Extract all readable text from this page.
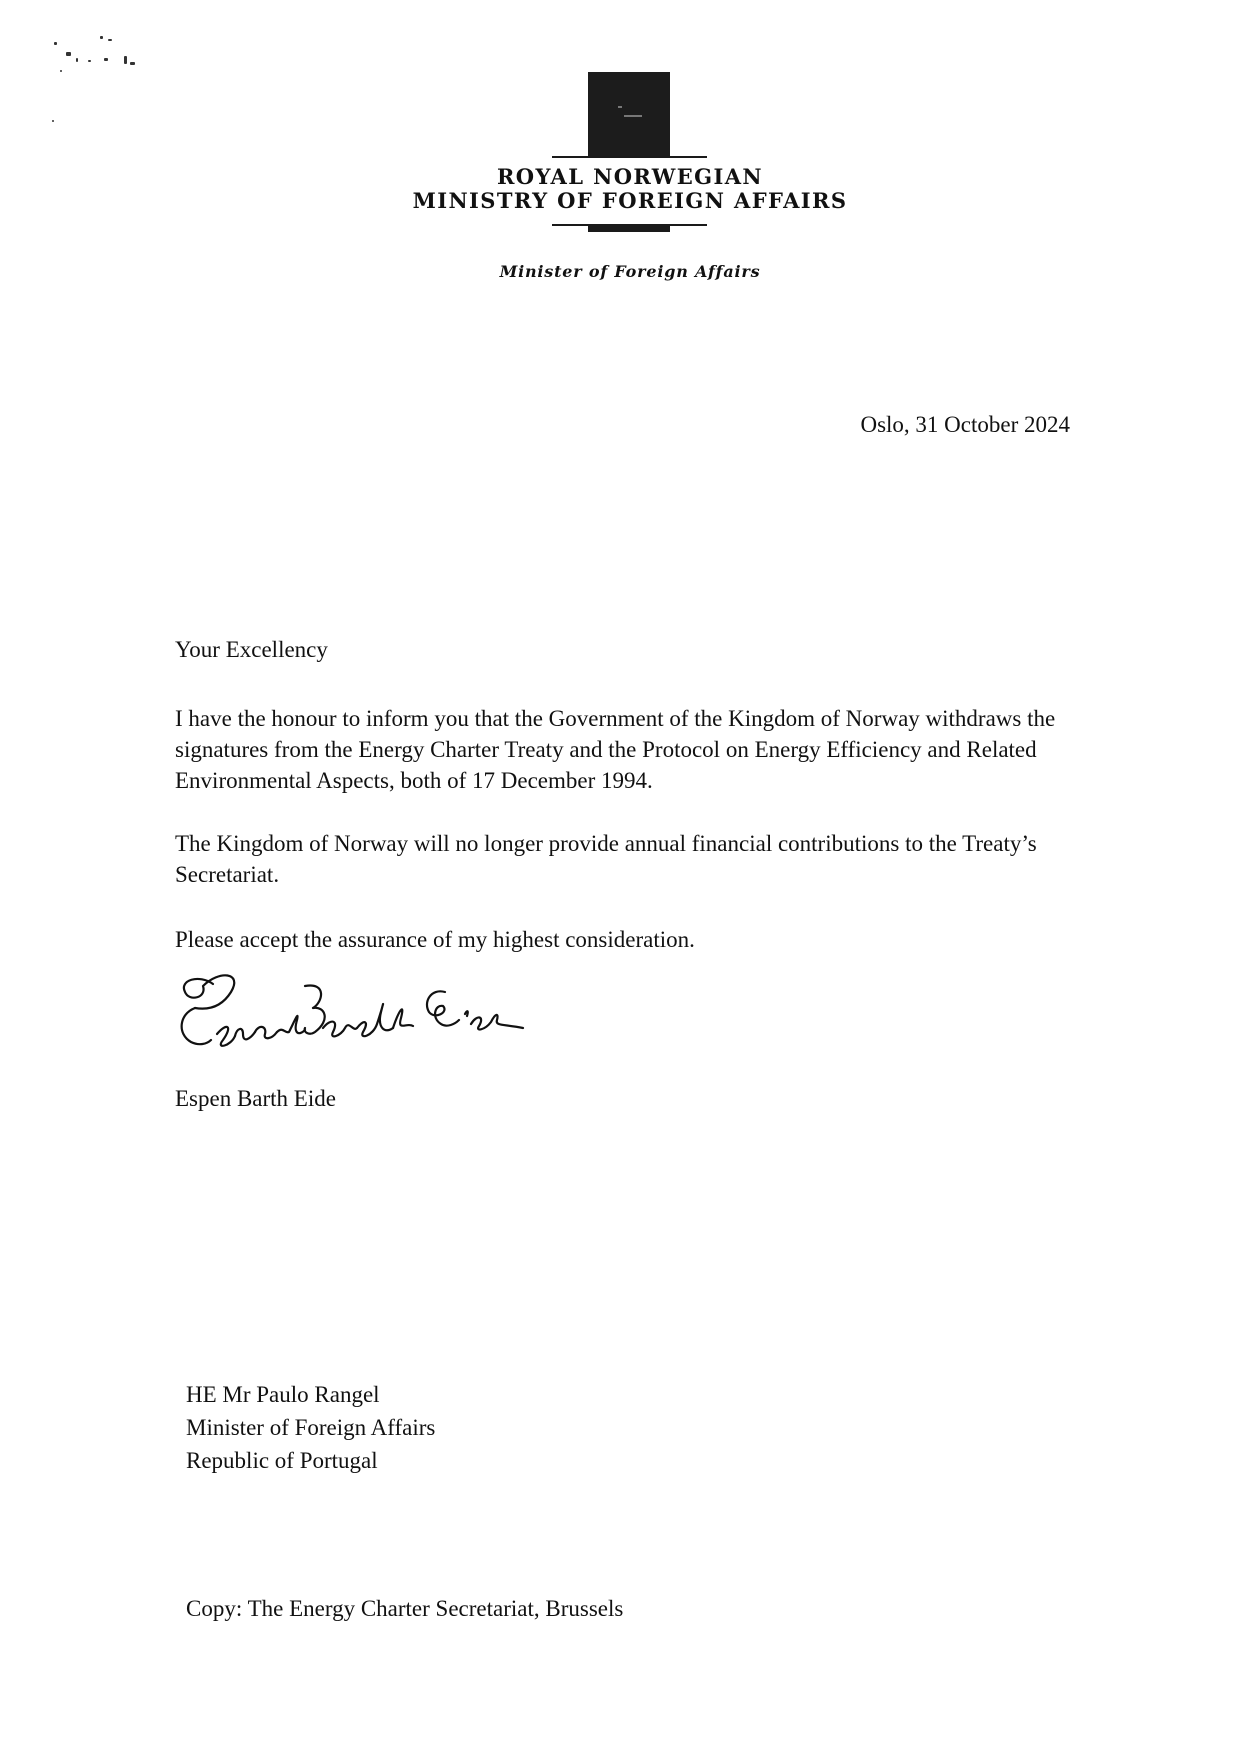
ROYAL NORWEGIAN
MINISTRY OF FOREIGN AFFAIRS
Minister of Foreign Affairs
Oslo, 31 October 2024
Your Excellency

I have the honour to inform you that the Government of the Kingdom of Norway withdraws the signatures from the Energy Charter Treaty and the Protocol on Energy Efficiency and Related Environmental Aspects, both of 17 December 1994.

The Kingdom of Norway will no longer provide annual financial contributions to the Treaty’s Secretariat.

Please accept the assurance of my highest consideration.
Espen Barth Eide
HE Mr Paulo Rangel
Minister of Foreign Affairs
Republic of Portugal
Copy: The Energy Charter Secretariat, Brussels
